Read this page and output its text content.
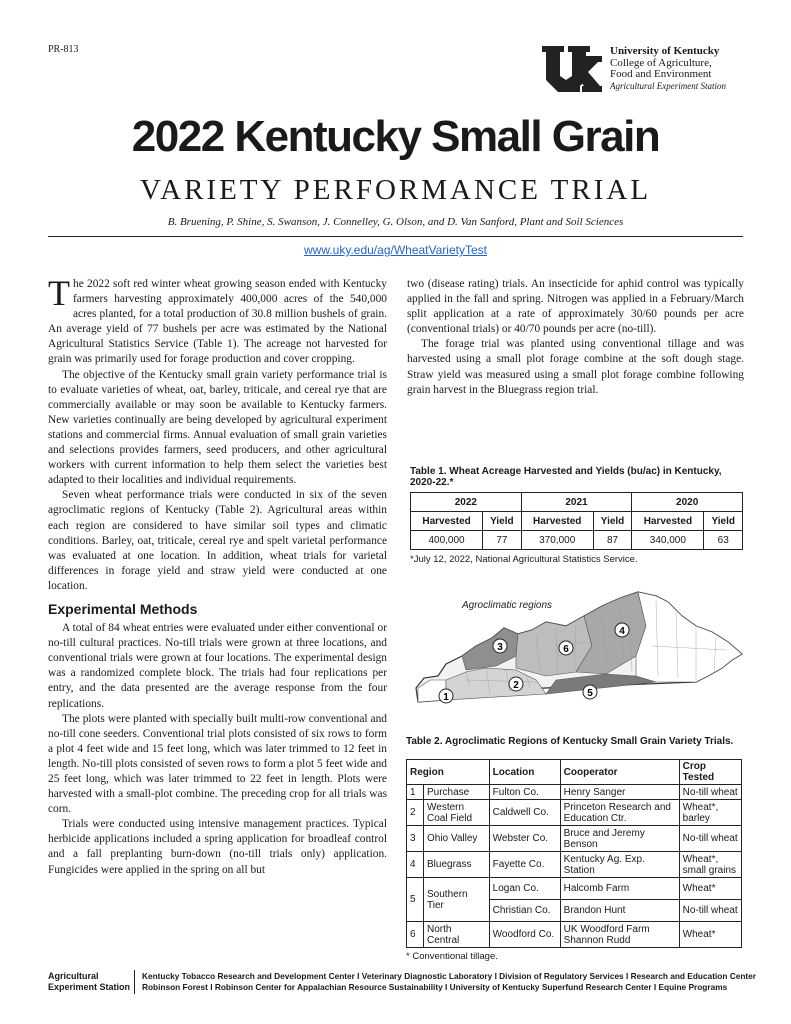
PR-813	University of Kentucky
College of Agriculture,
Food and Environment
Agricultural Experiment Station
2022 Kentucky Small Grain
VARIETY PERFORMANCE TRIAL
B. Bruening, P. Shine, S. Swanson, J. Connelley, G. Olson, and D. Van Sanford, Plant and Soil Sciences
www.uky.edu/ag/WheatVarietyTest

The 2022 soft red winter wheat growing season ended with Kentucky farmers harvesting approximately 400,000 acres of the 540,000 acres planted, for a total production of 30.8 million bushels of grain. An average yield of 77 bushels per acre was estimated by the National Agricultural Statistics Service (Table 1). The acreage not harvested for grain was primarily used for forage production and cover cropping.

The objective of the Kentucky small grain variety performance trial is to evaluate varieties of wheat, oat, barley, triticale, and cereal rye that are commercially available or may soon be available to Kentucky farmers. New varieties continually are being developed by agricultural experiment stations and commercial firms. Annual evaluation of small grain varieties and selections provides farmers, seed producers, and other agricultural workers with current information to help them select the varieties best adapted to their localities and individual requirements.

Seven wheat performance trials were conducted in six of the seven agroclimatic regions of Kentucky (Table 2). Agricultural areas within each region are considered to have similar soil types and climatic conditions. Barley, oat, triticale, cereal rye and spelt varietal performance was evaluated at one location. In addition, wheat trials for varietal differences in forage yield and straw yield were conducted at one location.

Experimental Methods

A total of 84 wheat entries were evaluated under either conventional or no-till cultural practices. No-till trials were grown at three locations, and conventional trials were grown at four locations. The experimental design was a randomized complete block. The trials had four replications per entry, and the data presented are the average response from the four replications.

The plots were planted with specially built multi-row conventional and no-till cone seeders. Conventional trial plots consisted of six rows to form a plot 4 feet wide and 15 feet long, which was later trimmed to 12 feet in length. No-till plots consisted of seven rows to form a plot 5 feet wide and 25 feet long, which was later trimmed to 22 feet in length. Plots were harvested with a small-plot combine. The preceding crop for all trials was corn.

Trials were conducted using intensive management practices. Typical herbicide applications included a spring application for broadleaf control and a fall preplanting burn-down (no-till trials only) application. Fungicides were applied in the spring on all but

two (disease rating) trials. An insecticide for aphid control was typically applied in the fall and spring. Nitrogen was applied in a February/March split application at a rate of approximately 30/60 pounds per acre (conventional trials) or 40/70 pounds per acre (no-till).

The forage trial was planted using conventional tillage and was harvested using a small plot forage combine at the soft dough stage. Straw yield was measured using a small plot forage combine following grain harvest in the Bluegrass region trial.

Table 1. Wheat Acreage Harvested and Yields (bu/ac) in Kentucky, 2020-22.*
2022		2021		2020	
Harvested	Yield	Harvested	Yield	Harvested	Yield
400,000	77	370,000	87	340,000	63
*July 12, 2022, National Agricultural Statistics Service.
Agroclimatic regions
1
2
3
4
5
6
Table 2. Agroclimatic Regions of Kentucky Small Grain Variety Trials.
Region		Location	Cooperator	Crop Tested
1	Purchase	Fulton Co.	Henry Sanger	No-till wheat
2	Western Coal Field	Caldwell Co.	Princeton Research and Education Ctr.	Wheat*, barley
3	Ohio Valley	Webster Co.	Bruce and Jeremy Benson	No-till wheat
4	Bluegrass	Fayette Co.	Kentucky Ag. Exp. Station	Wheat*, small grains
5	Southern Tier	Logan Co.	Halcomb Farm	Wheat*
		Christian Co.	Brandon Hunt	No-till wheat
6	North Central	Woodford Co.	UK Woodford Farm Shannon Rudd	Wheat*
* Conventional tillage.
Agricultural
Experiment Station
Kentucky Tobacco Research and Development Center I Veterinary Diagnostic Laboratory I Division of Regulatory Services I Research and Education Center
Robinson Forest I Robinson Center for Appalachian Resource Sustainability I University of Kentucky Superfund Research Center I Equine Programs
